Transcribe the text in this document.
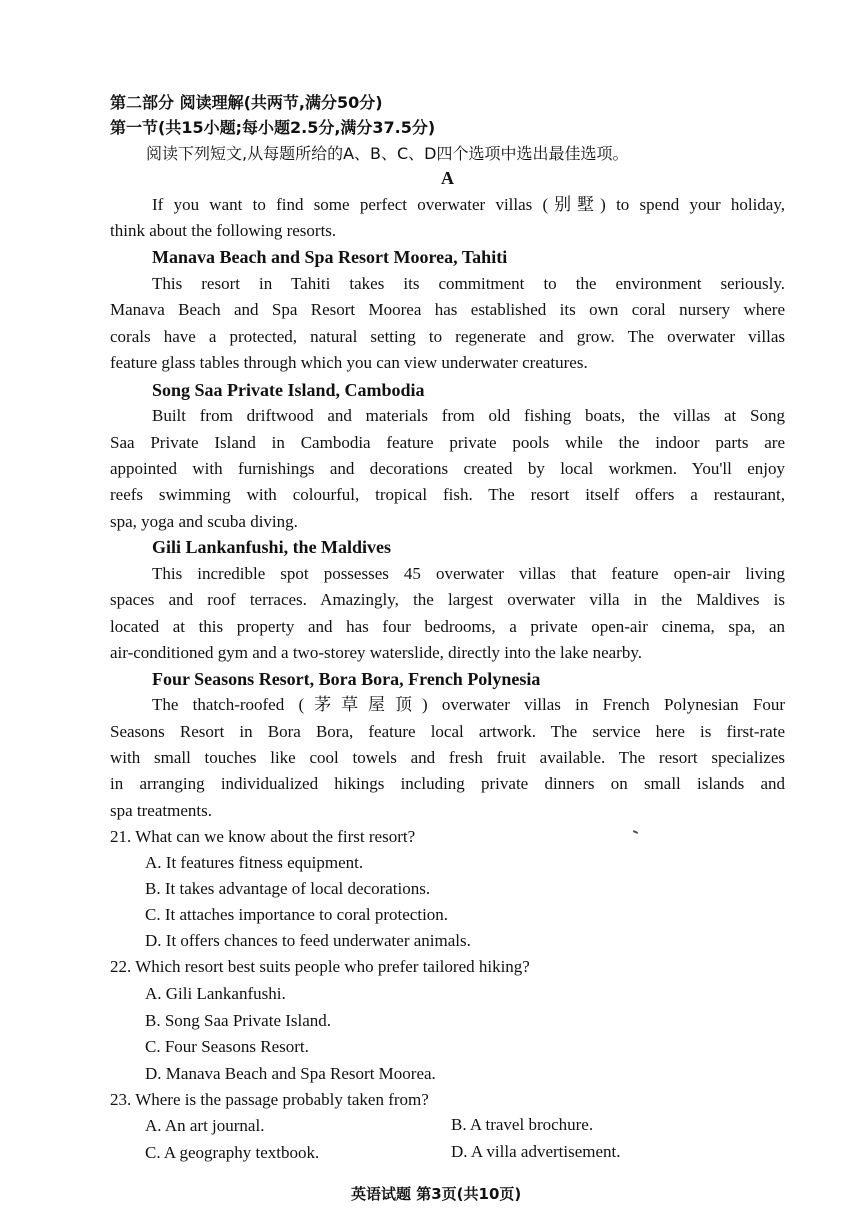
第二部分 阅读理解(共两节,满分50分)
第一节(共15小题;每小题2.5分,满分37.5分)
阅读下列短文,从每题所给的A、B、C、D四个选项中选出最佳选项。
A
If you want to find some perfect overwater villas (别墅) to spend your holiday,
think about the following resorts.
Manava Beach and Spa Resort Moorea, Tahiti
This resort in Tahiti takes its commitment to the environment seriously.
Manava Beach and Spa Resort Moorea has established its own coral nursery where
corals have a protected, natural setting to regenerate and grow. The overwater villas
feature glass tables through which you can view underwater creatures.
Song Saa Private Island, Cambodia
Built from driftwood and materials from old fishing boats, the villas at Song
Saa Private Island in Cambodia feature private pools while the indoor parts are
appointed with furnishings and decorations created by local workmen. You'll enjoy
reefs swimming with colourful, tropical fish. The resort itself offers a restaurant,
spa, yoga and scuba diving.
Gili Lankanfushi, the Maldives
This incredible spot possesses 45 overwater villas that feature open-air living
spaces and roof terraces. Amazingly, the largest overwater villa in the Maldives is
located at this property and has four bedrooms, a private open-air cinema, spa, an
air-conditioned gym and a two-storey waterslide, directly into the lake nearby.
Four Seasons Resort, Bora Bora, French Polynesia
The thatch-roofed (茅草屋顶) overwater villas in French Polynesian Four
Seasons Resort in Bora Bora, feature local artwork. The service here is first-rate
with small touches like cool towels and fresh fruit available. The resort specializes
in arranging individualized hikings including private dinners on small islands and
spa treatments.
21. What can we know about the first resort?
A. It features fitness equipment.
B. It takes advantage of local decorations.
C. It attaches importance to coral protection.
D. It offers chances to feed underwater animals.
22. Which resort best suits people who prefer tailored hiking?
A. Gili Lankanfushi.
B. Song Saa Private Island.
C. Four Seasons Resort.
D. Manava Beach and Spa Resort Moorea.
23. Where is the passage probably taken from?
A. An art journal.	B. A travel brochure.
C. A geography textbook.	D. A villa advertisement.
英语试题 第3页(共10页)
